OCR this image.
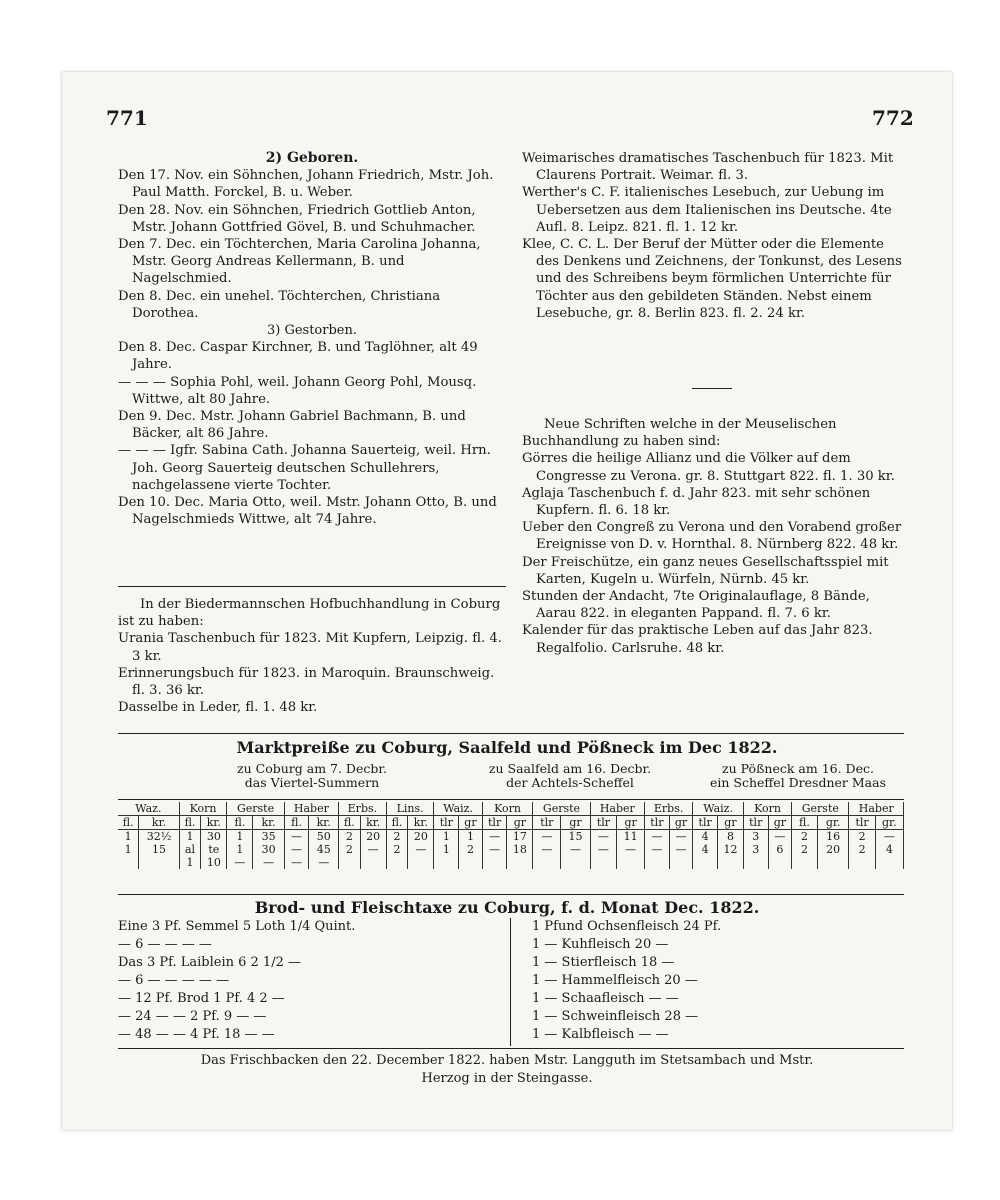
771	772

2) Geboren.

Den 17. Nov. ein Söhnchen, Johann Friedrich, Mstr. Joh. Paul Matth. Forckel, B. u. Weber.

Den 28. Nov. ein Söhnchen, Friedrich Gottlieb Anton, Mstr. Johann Gottfried Gövel, B. und Schuhmacher.

Den 7. Dec. ein Töchterchen, Maria Carolina Johanna, Mstr. Georg Andreas Kellermann, B. und Nagelschmied.

Den 8. Dec. ein unehel. Töchterchen, Christiana Dorothea.

3) Gestorben.

Den 8. Dec. Caspar Kirchner, B. und Taglöhner, alt 49 Jahre.

— — — Sophia Pohl, weil. Johann Georg Pohl, Mousq. Wittwe, alt 80 Jahre.

Den 9. Dec. Mstr. Johann Gabriel Bachmann, B. und Bäcker, alt 86 Jahre.

— — — Igfr. Sabina Cath. Johanna Sauerteig, weil. Hrn. Joh. Georg Sauerteig deutschen Schullehrers, nachgelassene vierte Tochter.

Den 10. Dec. Maria Otto, weil. Mstr. Johann Otto, B. und Nagelschmieds Wittwe, alt 74 Jahre.

In der Biedermannschen Hofbuchhandlung in Coburg ist zu haben:

Urania Taschenbuch für 1823. Mit Kupfern, Leipzig. fl. 4. 3 kr.

Erinnerungsbuch für 1823. in Maroquin. Braunschweig. fl. 3. 36 kr.

Dasselbe in Leder, fl. 1. 48 kr.

Weimarisches dramatisches Taschenbuch für 1823. Mit Claurens Portrait. Weimar. fl. 3.

Werther's C. F. italienisches Lesebuch, zur Uebung im Uebersetzen aus dem Italienischen ins Deutsche. 4te Aufl. 8. Leipz. 821. fl. 1. 12 kr.

Klee, C. C. L. Der Beruf der Mütter oder die Elemente des Denkens und Zeichnens, der Tonkunst, des Lesens und des Schreibens beym förmlichen Unterrichte für Töchter aus den gebildeten Ständen. Nebst einem Lesebuche, gr. 8. Berlin 823. fl. 2. 24 kr.

Neue Schriften welche in der Meuselischen Buchhandlung zu haben sind:

Görres die heilige Allianz und die Völker auf dem Congresse zu Verona. gr. 8. Stuttgart 822. fl. 1. 30 kr.

Aglaja Taschenbuch f. d. Jahr 823. mit sehr schönen Kupfern. fl. 6. 18 kr.

Ueber den Congreß zu Verona und den Vorabend großer Ereignisse von D. v. Hornthal. 8. Nürnberg 822. 48 kr.

Der Freischütze, ein ganz neues Gesellschaftsspiel mit Karten, Kugeln u. Würfeln, Nürnb. 45 kr.

Stunden der Andacht, 7te Originalauflage, 8 Bände, Aarau 822. in eleganten Pappand. fl. 7. 6 kr.

Kalender für das praktische Leben auf das Jahr 823. Regalfolio. Carlsruhe. 48 kr.

Marktpreiße zu Coburg, Saalfeld und Pößneck im Dec 1822.
zu Coburg am 7. Decbr.
das Viertel-Summern
zu Saalfeld am 16. Decbr.
der Achtels-Scheffel
zu Pößneck am 16. Dec.
ein Scheffel Dresdner Maas
Waz.		Korn		Gerste		Haber		Erbs.		Lins.		Waiz.		Korn		Gerste		Haber		Erbs.		Waiz.		Korn		Gerste		Haber	
fl.	kr.	fl.	kr.	fl.	kr.	fl.	kr.	fl.	kr.	fl.	kr.	tlr	gr	tlr	gr	tlr	gr	tlr	gr	tlr	gr	tlr	gr	tlr	gr	fl.	gr.	tlr	gr.
1	32½	1	30	1	35	—	50	2	20	2	20	1	1	—	17	—	15	—	11	—	—	4	8	3	—	2	16	2	—
1	15	al	te	1	30	—	45	2	—	2	—	1	2	—	18	—	—	—	—	—	—	4	12	3	6	2	20	2	4
		1	10	—	—	—	—																						
Brod- und Fleischtaxe zu Coburg, f. d. Monat Dec. 1822.
Eine 3 Pf. Semmel 5 Loth 1/4 Quint.
— 6 — — — —
Das 3 Pf. Laiblein 6 2 1/2 —
— 6 — — — — —
— 12 Pf. Brod 1 Pf. 4 2 —
— 24 — — 2 Pf. 9 — —
— 48 — — 4 Pf. 18 — —
1 Pfund Ochsenfleisch 24 Pf.
1 — Kuhfleisch 20 —
1 — Stierfleisch 18 —
1 — Hammelfleisch 20 —
1 — Schaafleisch — —
1 — Schweinfleisch 28 —
1 — Kalbfleisch — —
Das Frischbacken den 22. December 1822. haben Mstr. Langguth im Stetsambach und Mstr. Herzog in der Steingasse.
